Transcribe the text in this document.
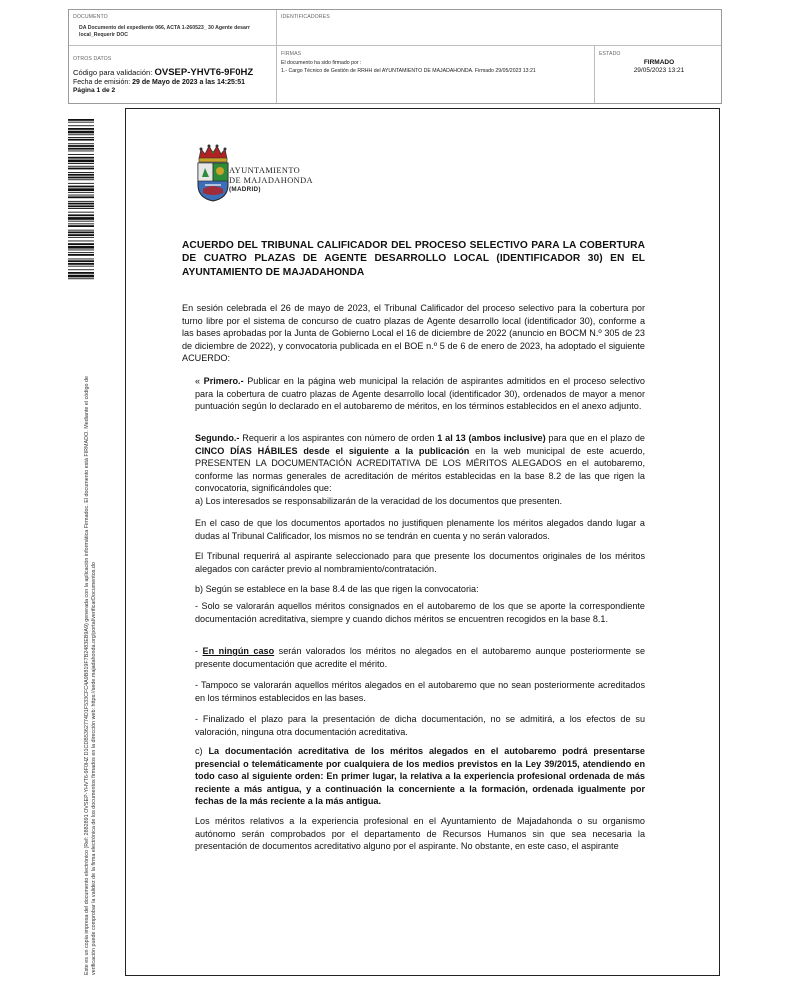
DOCUMENTO
DA Documento del expediente 066, ACTA 1-260523_ 30 Agente desarr local_Requerir DOC
IDENTIFICADORES
OTROS DATOS
Código para validación: OVSEP-YHVT6-9F0HZ
Fecha de emisión: 29 de Mayo de 2023 a las 14:25:51
Página 1 de 2
FIRMAS
El documento ha sido firmado por :
1.- Cargo Técnico de Gestión de RRHH del AYUNTAMIENTO DE MAJADAHONDA. Firmado 29/05/2023 13:21
ESTADO
FIRMADO
29/05/2023 13:21
Este es un copia impresa del documento electrónico (Ref: 2882891 OVSEP-YHVT6-9F0HZ D1CDB5362774D1F533CFC4A9B819F7B2483EB9A9) generada con la aplicación informática Firmadoc. El documento está FIRMADO. Mediante el código de verificación puede comprobar la validez de la firma electrónica de los documentos firmados en la dirección web: https://sede.majadahonda.org/portal/verificarDocumentos.do
AYUNTAMIENTO
DE MAJADAHONDA
(MADRID)
ACUERDO DEL TRIBUNAL CALIFICADOR DEL PROCESO SELECTIVO PARA LA COBERTURA DE CUATRO PLAZAS DE AGENTE DESARROLLO LOCAL (IDENTIFICADOR 30) EN EL AYUNTAMIENTO DE MAJADAHONDA

En sesión celebrada el 26 de mayo de 2023, el Tribunal Calificador del proceso selectivo para la cobertura por turno libre por el sistema de concurso de cuatro plazas de Agente desarrollo local (identificador 30), conforme a las bases aprobadas por la Junta de Gobierno Local el 16 de diciembre de 2022 (anuncio en BOCM N.º 305 de 23 de diciembre de 2022), y convocatoria publicada en el BOE n.º 5 de 6 de enero de 2023, ha adoptado el siguiente ACUERDO:

« Primero.- Publicar en la página web municipal la relación de aspirantes admitidos en el proceso selectivo para la cobertura de cuatro plazas de Agente desarrollo local (identificador 30), ordenados de mayor a menor puntuación según lo declarado en el autobaremo de méritos, en los términos establecidos en el anexo adjunto.

Segundo.- Requerir a los aspirantes con número de orden 1 al 13 (ambos inclusive) para que en el plazo de CINCO DÍAS HÁBILES desde el siguiente a la publicación en la web municipal de este acuerdo, PRESENTEN LA DOCUMENTACIÓN ACREDITATIVA DE LOS MÉRITOS ALEGADOS en el autobaremo, conforme las normas generales de acreditación de méritos establecidas en la base 8.2 de las que rigen la convocatoria, significándoles que:

a) Los interesados se responsabilizarán de la veracidad de los documentos que presenten.

En el caso de que los documentos aportados no justifiquen plenamente los méritos alegados dando lugar a dudas al Tribunal Calificador, los mismos no se tendrán en cuenta y no serán valorados.

El Tribunal requerirá al aspirante seleccionado para que presente los documentos originales de los méritos alegados con carácter previo al nombramiento/contratación.

b) Según se establece en la base 8.4 de las que rigen la convocatoria:

- Solo se valorarán aquellos méritos consignados en el autobaremo de los que se aporte la correspondiente documentación acreditativa, siempre y cuando dichos méritos se encuentren recogidos en la base 8.1.

- En ningún caso serán valorados los méritos no alegados en el autobaremo aunque posteriormente se presente documentación que acredite el mérito.

- Tampoco se valorarán aquellos méritos alegados en el autobaremo que no sean posteriormente acreditados en los términos establecidos en las bases.

- Finalizado el plazo para la presentación de dicha documentación, no se admitirá, a los efectos de su valoración, ninguna otra documentación acreditativa.

c) La documentación acreditativa de los méritos alegados en el autobaremo podrá presentarse presencial o telemáticamente por cualquiera de los medios previstos en la Ley 39/2015, atendiendo en todo caso al siguiente orden: En primer lugar, la relativa a la experiencia profesional ordenada de más reciente a más antigua, y a continuación la concerniente a la formación, ordenada igualmente por fechas de la más reciente a la más antigua.

Los méritos relativos a la experiencia profesional en el Ayuntamiento de Majadahonda o su organismo autónomo serán comprobados por el departamento de Recursos Humanos sin que sea necesaria la presentación de documentos acreditativo alguno por el aspirante. No obstante, en este caso, el aspirante
